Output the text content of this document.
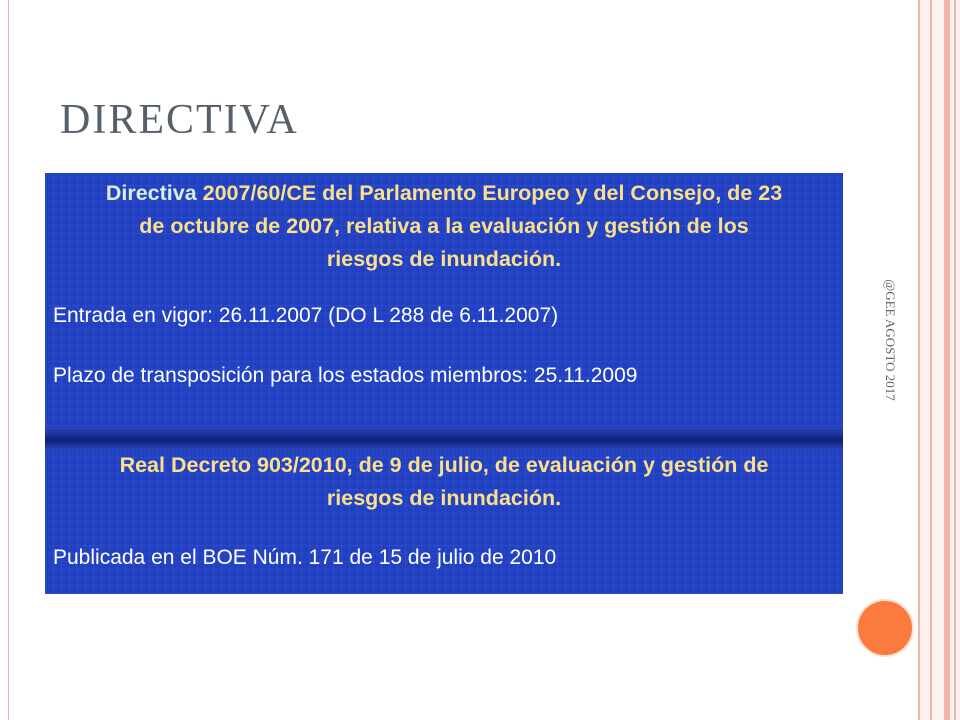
DIRECTIVA
@GEE AGOSTO 2017
Directiva 2007/60/CE del Parlamento Europeo y del Consejo, de 23
de octubre de 2007, relativa a la evaluación y gestión de los
riesgos de inundación.

Entrada en vigor: 26.11.2007 (DO L 288 de 6.11.2007)

Plazo de transposición para los estados miembros: 25.11.2009

Real Decreto 903/2010, de 9 de julio, de evaluación y gestión de
riesgos de inundación.

Publicada en el BOE Núm. 171 de 15 de julio de 2010
